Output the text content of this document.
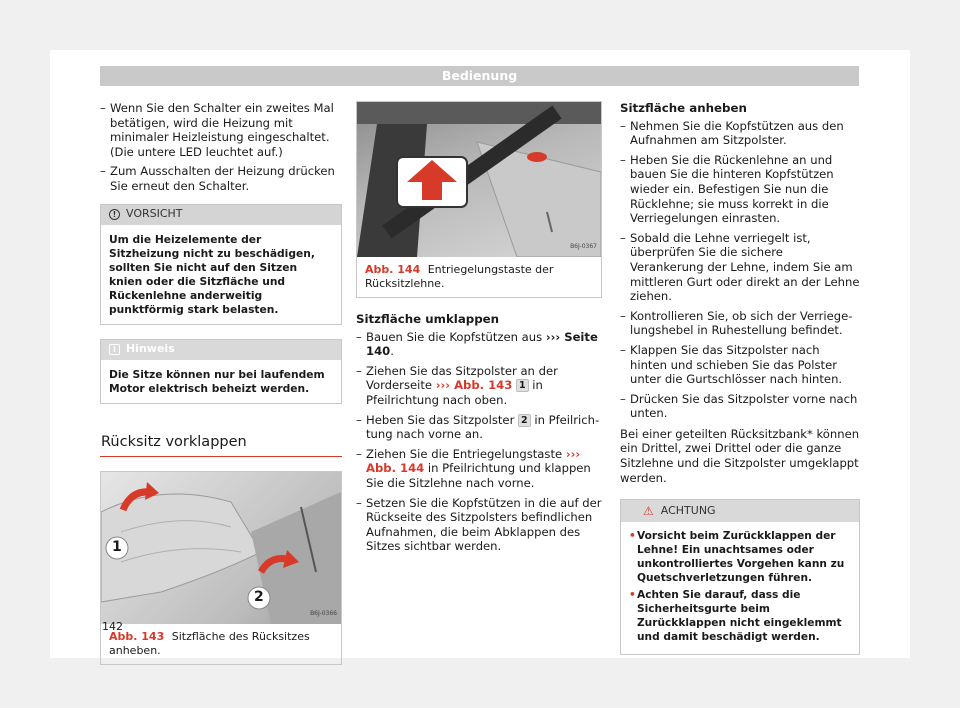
Bedienung
– Wenn Sie den Schalter ein zweites Mal betätigen, wird die Heizung mit minimaler Heizleistung eingeschaltet. (Die untere LED leuchtet auf.)
– Zum Ausschalten der Heizung drücken Sie erneut den Schalter.
! VORSICHT
Um die Heizelemente der Sitzheizung nicht zu beschädigen, sollten Sie nicht auf den Sitzen knien oder die Sitzfläche und Rückenlehne anderweitig punktförmig stark belasten.
i Hinweis
Die Sitze können nur bei laufendem Motor elektrisch beheizt werden.
Rücksitz vorklappen
1
2
B6J-0366
Abb. 143 Sitzfläche des Rücksitzes anheben.
B6J-0367
Abb. 144 Entriegelungstaste der Rücksitzlehne.
Sitzfläche umklappen
– Bauen Sie die Kopfstützen aus ››› Seite 140.
– Ziehen Sie das Sitzpolster an der Vorderseite ››› Abb. 143 1 in Pfeilrichtung nach oben.
– Heben Sie das Sitzpolster 2 in Pfeilrichtung nach vorne an.
– Ziehen Sie die Entriegelungstaste ››› Abb. 144 in Pfeilrichtung und klappen Sie die Sitzlehne nach vorne.
– Setzen Sie die Kopfstützen in die auf der Rückseite des Sitzpolsters befindlichen Aufnahmen, die beim Abklappen des Sitzes sichtbar werden.
Sitzfläche anheben
– Nehmen Sie die Kopfstützen aus den Aufnahmen am Sitzpolster.
– Heben Sie die Rückenlehne an und bauen Sie die hinteren Kopfstützen wieder ein. Befestigen Sie nun die Rücklehne; sie muss korrekt in die Verriegelungen einrasten.
– Sobald die Lehne verriegelt ist, überprüfen Sie die sichere Verankerung der Lehne, indem Sie am mittleren Gurt oder direkt an der Lehne ziehen.
– Kontrollieren Sie, ob sich der Verriegelungshebel in Ruhestellung befindet.
– Klappen Sie das Sitzpolster nach hinten und schieben Sie das Polster unter die Gurtschlösser nach hinten.
– Drücken Sie das Sitzpolster vorne nach unten.
Bei einer geteilten Rücksitzbank* können ein Drittel, zwei Drittel oder die ganze Sitzlehne und die Sitzpolster umgeklappt werden.
⚠ ACHTUNG
• Vorsicht beim Zurückklappen der Lehne! Ein unachtsames oder unkontrolliertes Vorgehen kann zu Quetschverletzungen führen.
• Achten Sie darauf, dass die Sicherheitsgurte beim Zurückklappen nicht eingeklemmt und damit beschädigt werden.
142
